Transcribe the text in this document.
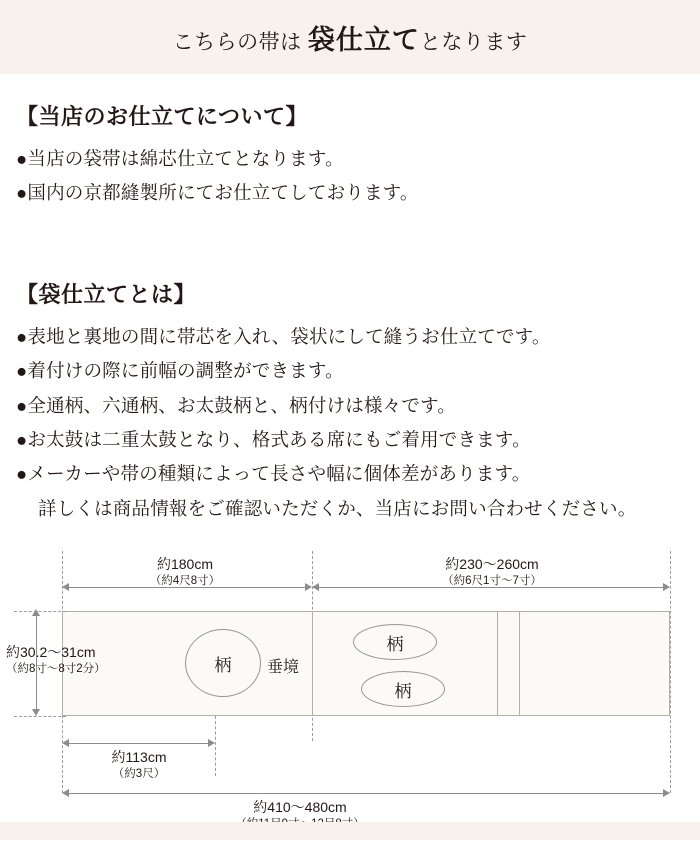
こちらの帯は 袋仕立てとなります
【当店のお仕立てについて】

●当店の袋帯は綿芯仕立てとなります。

●国内の京都縫製所にてお仕立てしております。

【袋仕立てとは】

●表地と裏地の間に帯芯を入れ、袋状にして縫うお仕立てです。

●着付けの際に前幅の調整ができます。

●全通柄、六通柄、お太鼓柄と、柄付けは様々です。

●お太鼓は二重太鼓となり、格式ある席にもご着用できます。

●メーカーや帯の種類によって長さや幅に個体差があります。

詳しくは商品情報をご確認いただくか、当店にお問い合わせください。

約180cm
（約4尺8寸）
約230〜260cm
（約6尺1寸〜7寸）
柄
柄
柄
垂境
約30.2〜31cm
（約8寸〜8寸2分）
約113cm
（約3尺）
約410〜480cm
